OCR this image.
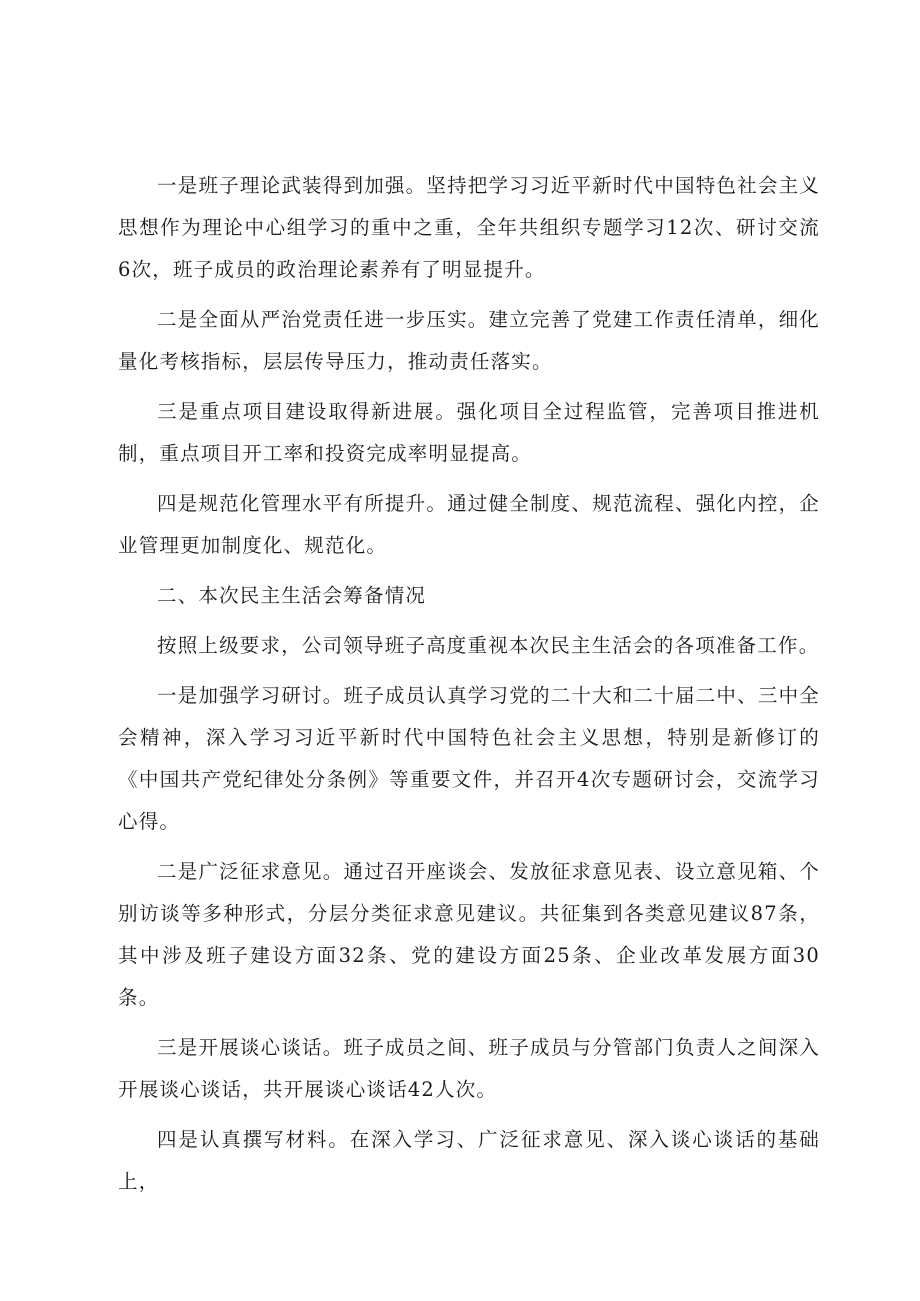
一是班子理论武装得到加强。坚持把学习习近平新时代中国特色社会主义思想作为理论中心组学习的重中之重，全年共组织专题学习12次、研讨交流6次，班子成员的政治理论素养有了明显提升。

二是全面从严治党责任进一步压实。建立完善了党建工作责任清单，细化量化考核指标，层层传导压力，推动责任落实。

三是重点项目建设取得新进展。强化项目全过程监管，完善项目推进机制，重点项目开工率和投资完成率明显提高。

四是规范化管理水平有所提升。通过健全制度、规范流程、强化内控，企业管理更加制度化、规范化。

二、本次民主生活会筹备情况

按照上级要求，公司领导班子高度重视本次民主生活会的各项准备工作。

一是加强学习研讨。班子成员认真学习党的二十大和二十届二中、三中全会精神，深入学习习近平新时代中国特色社会主义思想，特别是新修订的《中国共产党纪律处分条例》等重要文件，并召开4次专题研讨会，交流学习心得。

二是广泛征求意见。通过召开座谈会、发放征求意见表、设立意见箱、个别访谈等多种形式，分层分类征求意见建议。共征集到各类意见建议87条，其中涉及班子建设方面32条、党的建设方面25条、企业改革发展方面30条。

三是开展谈心谈话。班子成员之间、班子成员与分管部门负责人之间深入开展谈心谈话，共开展谈心谈话42人次。

四是认真撰写材料。在深入学习、广泛征求意见、深入谈心谈话的基础上，
